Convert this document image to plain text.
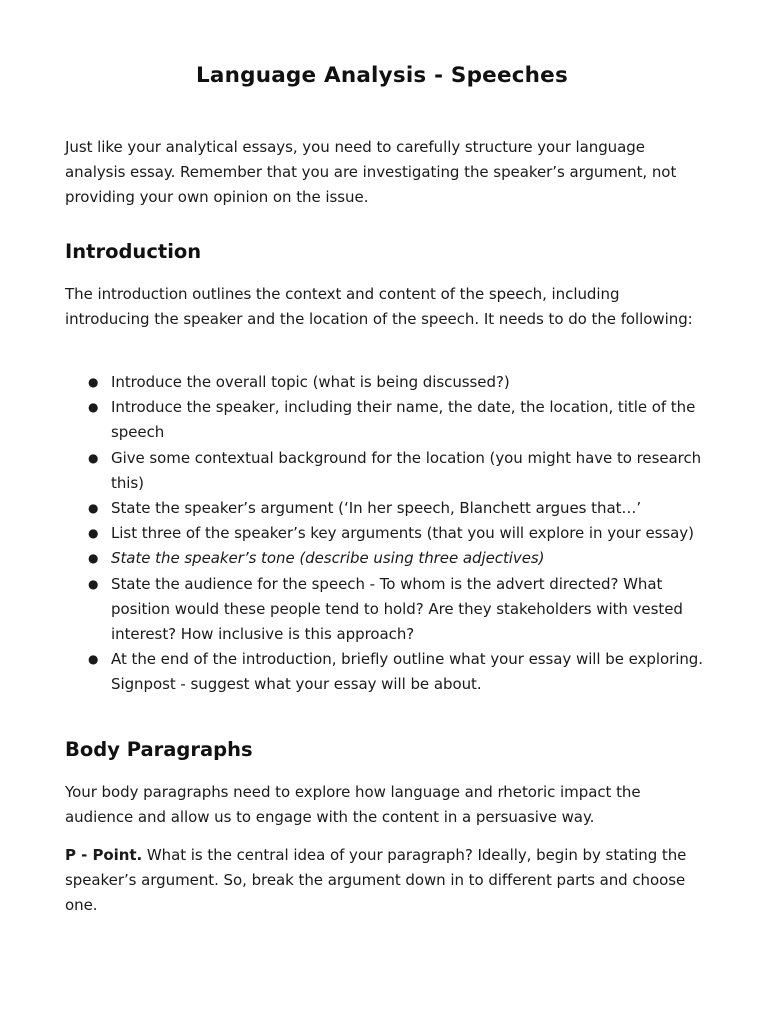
Language Analysis - Speeches

Just like your analytical essays, you need to carefully structure your language analysis essay. Remember that you are investigating the speaker’s argument, not providing your own opinion on the issue.

Introduction

The introduction outlines the context and content of the speech, including introducing the speaker and the location of the speech. It needs to do the following:

● Introduce the overall topic (what is being discussed?)
● Introduce the speaker, including their name, the date, the location, title of the speech
● Give some contextual background for the location (you might have to research this)
● State the speaker’s argument (‘In her speech, Blanchett argues that…’
● List three of the speaker’s key arguments (that you will explore in your essay)
● State the speaker’s tone (describe using three adjectives)
● State the audience for the speech - To whom is the advert directed? What position would these people tend to hold? Are they stakeholders with vested interest? How inclusive is this approach?
● At the end of the introduction, briefly outline what your essay will be exploring. Signpost - suggest what your essay will be about.
Body Paragraphs

Your body paragraphs need to explore how language and rhetoric impact the audience and allow us to engage with the content in a persuasive way.

P - Point. What is the central idea of your paragraph? Ideally, begin by stating the speaker’s argument. So, break the argument down in to different parts and choose one.
